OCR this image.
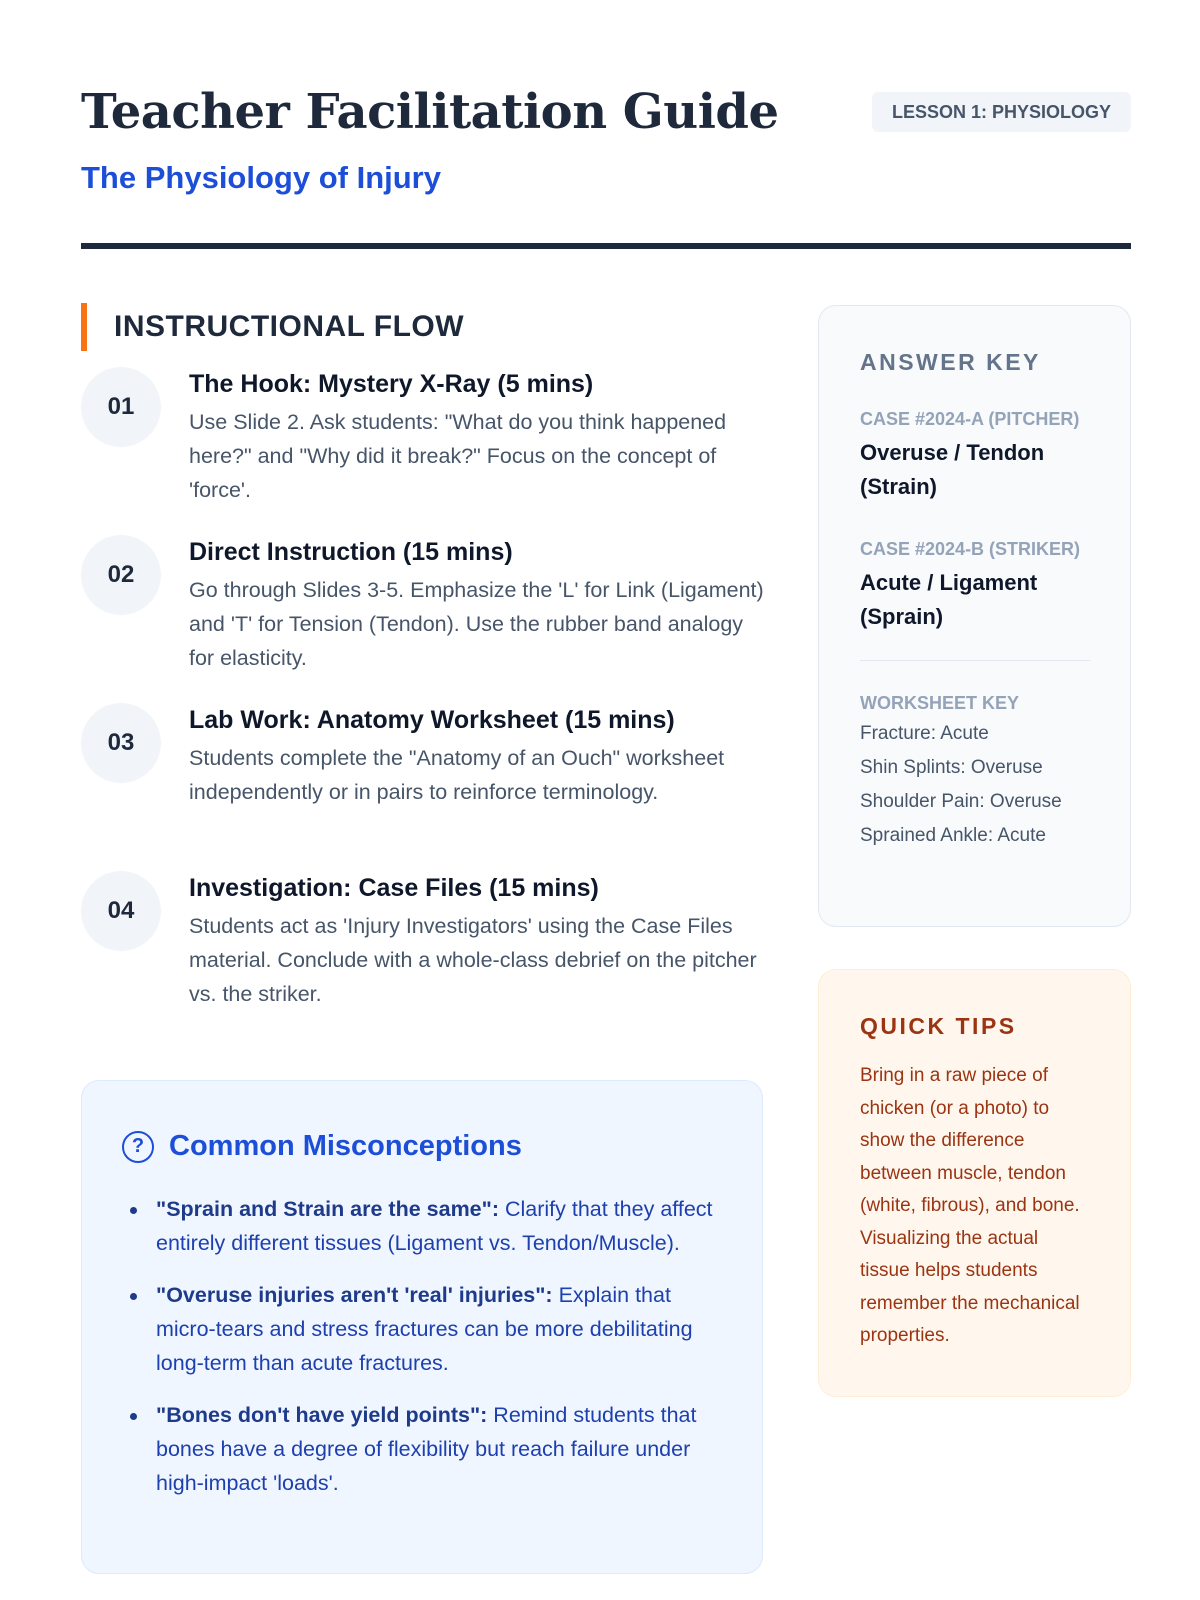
Teacher Facilitation Guide
The Physiology of Injury
LESSON 1: PHYSIOLOGY
INSTRUCTIONAL FLOW
01
The Hook: Mystery X-Ray (5 mins)
Use Slide 2. Ask students: "What do you think happened here?" and "Why did it break?" Focus on the concept of 'force'.
02
Direct Instruction (15 mins)
Go through Slides 3-5. Emphasize the 'L' for Link (Ligament) and 'T' for Tension (Tendon). Use the rubber band analogy for elasticity.
03
Lab Work: Anatomy Worksheet (15 mins)
Students complete the "Anatomy of an Ouch" worksheet independently or in pairs to reinforce terminology.
04
Investigation: Case Files (15 mins)
Students act as 'Injury Investigators' using the Case Files material. Conclude with a whole-class debrief on the pitcher vs. the striker.
? Common Misconceptions
"Sprain and Strain are the same": Clarify that they affect entirely different tissues (Ligament vs. Tendon/Muscle).
"Overuse injuries aren't 'real' injuries": Explain that micro-tears and stress fractures can be more debilitating long-term than acute fractures.
"Bones don't have yield points": Remind students that bones have a degree of flexibility but reach failure under high-impact 'loads'.
ANSWER KEY
CASE #2024-A (PITCHER)
Overuse / Tendon (Strain)
CASE #2024-B (STRIKER)
Acute / Ligament (Sprain)
WORKSHEET KEY
Fracture: Acute
Shin Splints: Overuse
Shoulder Pain: Overuse
Sprained Ankle: Acute
QUICK TIPS
Bring in a raw piece of chicken (or a photo) to show the difference between muscle, tendon (white, fibrous), and bone. Visualizing the actual tissue helps students remember the mechanical properties.
